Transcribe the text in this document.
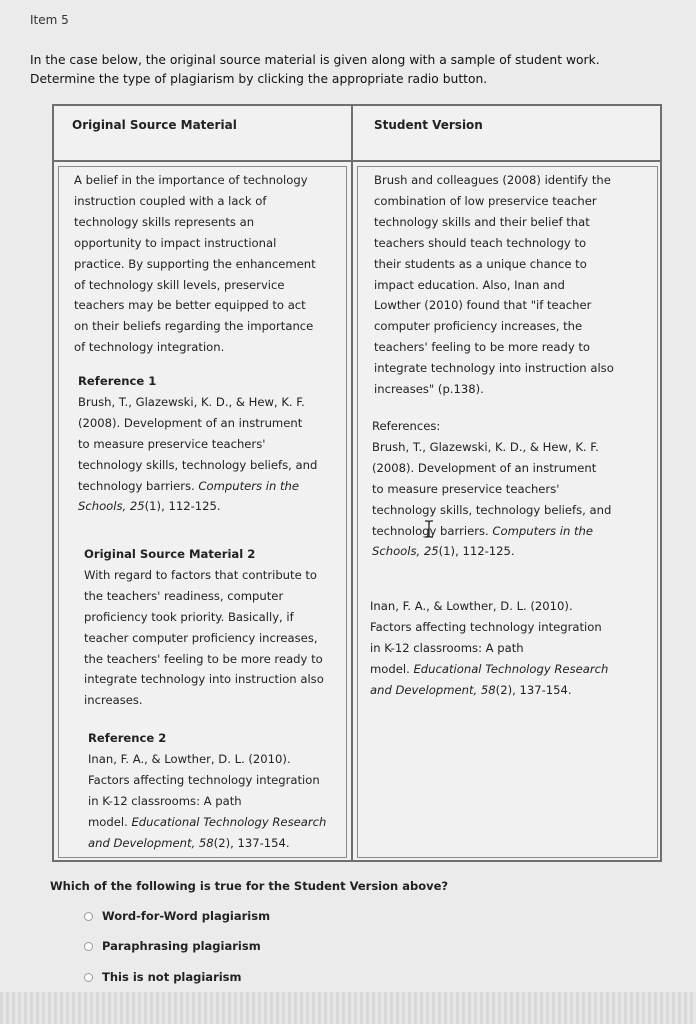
Item 5
In the case below, the original source material is given along with a sample of student work.
Determine the type of plagiarism by clicking the appropriate radio button.
Original Source Material	Student Version

A belief in the importance of technology

instruction coupled with a lack of

technology skills represents an

opportunity to impact instructional

practice. By supporting the enhancement

of technology skill levels, preservice

teachers may be better equipped to act

on their beliefs regarding the importance

of technology integration.

Reference 1

Brush, T., Glazewski, K. D., & Hew, K. F.

(2008). Development of an instrument

to measure preservice teachers'

technology skills, technology beliefs, and

technology barriers. Computers in the

Schools, 25(1), 112-125.

Original Source Material 2

With regard to factors that contribute to

the teachers' readiness, computer

proficiency took priority. Basically, if

teacher computer proficiency increases,

the teachers' feeling to be more ready to

integrate technology into instruction also

increases.

Reference 2

Inan, F. A., & Lowther, D. L. (2010).

Factors affecting technology integration

in K-12 classrooms: A path

model. Educational Technology Research

and Development, 58(2), 137-154.

Brush and colleagues (2008) identify the

combination of low preservice teacher

technology skills and their belief that

teachers should teach technology to

their students as a unique chance to

impact education. Also, Inan and

Lowther (2010) found that "if teacher

computer proficiency increases, the

teachers' feeling to be more ready to

integrate technology into instruction also

increases" (p.138).

References:

Brush, T., Glazewski, K. D., & Hew, K. F.

(2008). Development of an instrument

to measure preservice teachers'

technology skills, technology beliefs, and

technology barriers. Computers in the

Schools, 25(1), 112-125.

Inan, F. A., & Lowther, D. L. (2010).

Factors affecting technology integration

in K-12 classrooms: A path

model. Educational Technology Research

and Development, 58(2), 137-154.

Which of the following is true for the Student Version above?
Word-for-Word plagiarism
Paraphrasing plagiarism
This is not plagiarism
